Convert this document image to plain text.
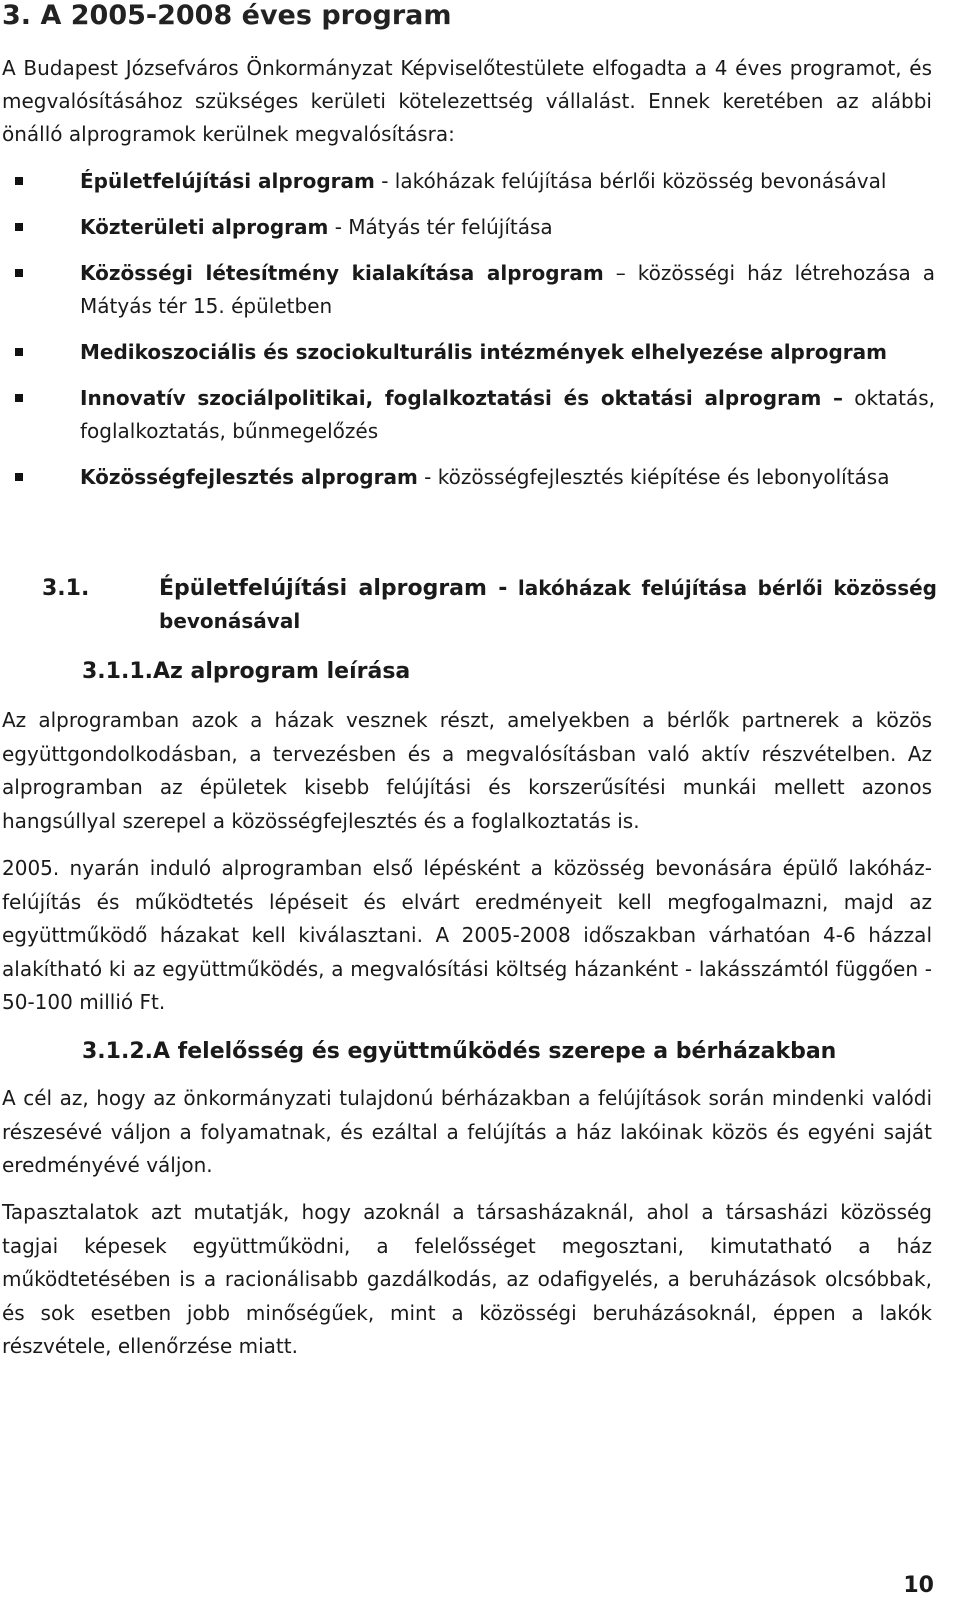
3. A 2005-2008 éves program

A Budapest Józsefváros Önkormányzat Képviselőtestülete elfogadta a 4 éves programot, és megvalósításához szükséges kerületi kötelezettség vállalást. Ennek keretében az alábbi önálló alprogramok kerülnek megvalósításra:

Épületfelújítási alprogram - lakóházak felújítása bérlői közösség bevonásával
Közterületi alprogram - Mátyás tér felújítása
Közösségi létesítmény kialakítása alprogram – közösségi ház létrehozása a Mátyás tér 15. épületben
Medikoszociális és szociokulturális intézmények elhelyezése alprogram
Innovatív szociálpolitikai, foglalkoztatási és oktatási alprogram – oktatás, foglalkoztatás, bűnmegelőzés
Közösségfejlesztés alprogram - közösségfejlesztés kiépítése és lebonyolítása
3.1.	Épületfelújítási alprogram - lakóházak felújítása bérlői közösség bevonásával
3.1.1.Az alprogram leírása

Az alprogramban azok a házak vesznek részt, amelyekben a bérlők partnerek a közös együttgondolkodásban, a tervezésben és a megvalósításban való aktív részvételben. Az alprogramban az épületek kisebb felújítási és korszerűsítési munkái mellett azonos hangsúllyal szerepel a közösségfejlesztés és a foglalkoztatás is.

2005. nyarán induló alprogramban első lépésként a közösség bevonására épülő lakóház-felújítás és működtetés lépéseit és elvárt eredményeit kell megfogalmazni, majd az együttműködő házakat kell kiválasztani. A 2005-2008 időszakban várhatóan 4-6 házzal alakítható ki az együttműködés, a megvalósítási költség házanként - lakásszámtól függően - 50-100 millió Ft.

3.1.2.A felelősség és együttműködés szerepe a bérházakban

A cél az, hogy az önkormányzati tulajdonú bérházakban a felújítások során mindenki valódi részesévé váljon a folyamatnak, és ezáltal a felújítás a ház lakóinak közös és egyéni saját eredményévé váljon.

Tapasztalatok azt mutatják, hogy azoknál a társasházaknál, ahol a társasházi közösség tagjai képesek együttműködni, a felelősséget megosztani, kimutatható a ház működtetésében is a racionálisabb gazdálkodás, az odafigyelés, a beruházások olcsóbbak, és sok esetben jobb minőségűek, mint a közösségi beruházásoknál, éppen a lakók részvétele, ellenőrzése miatt.

10
